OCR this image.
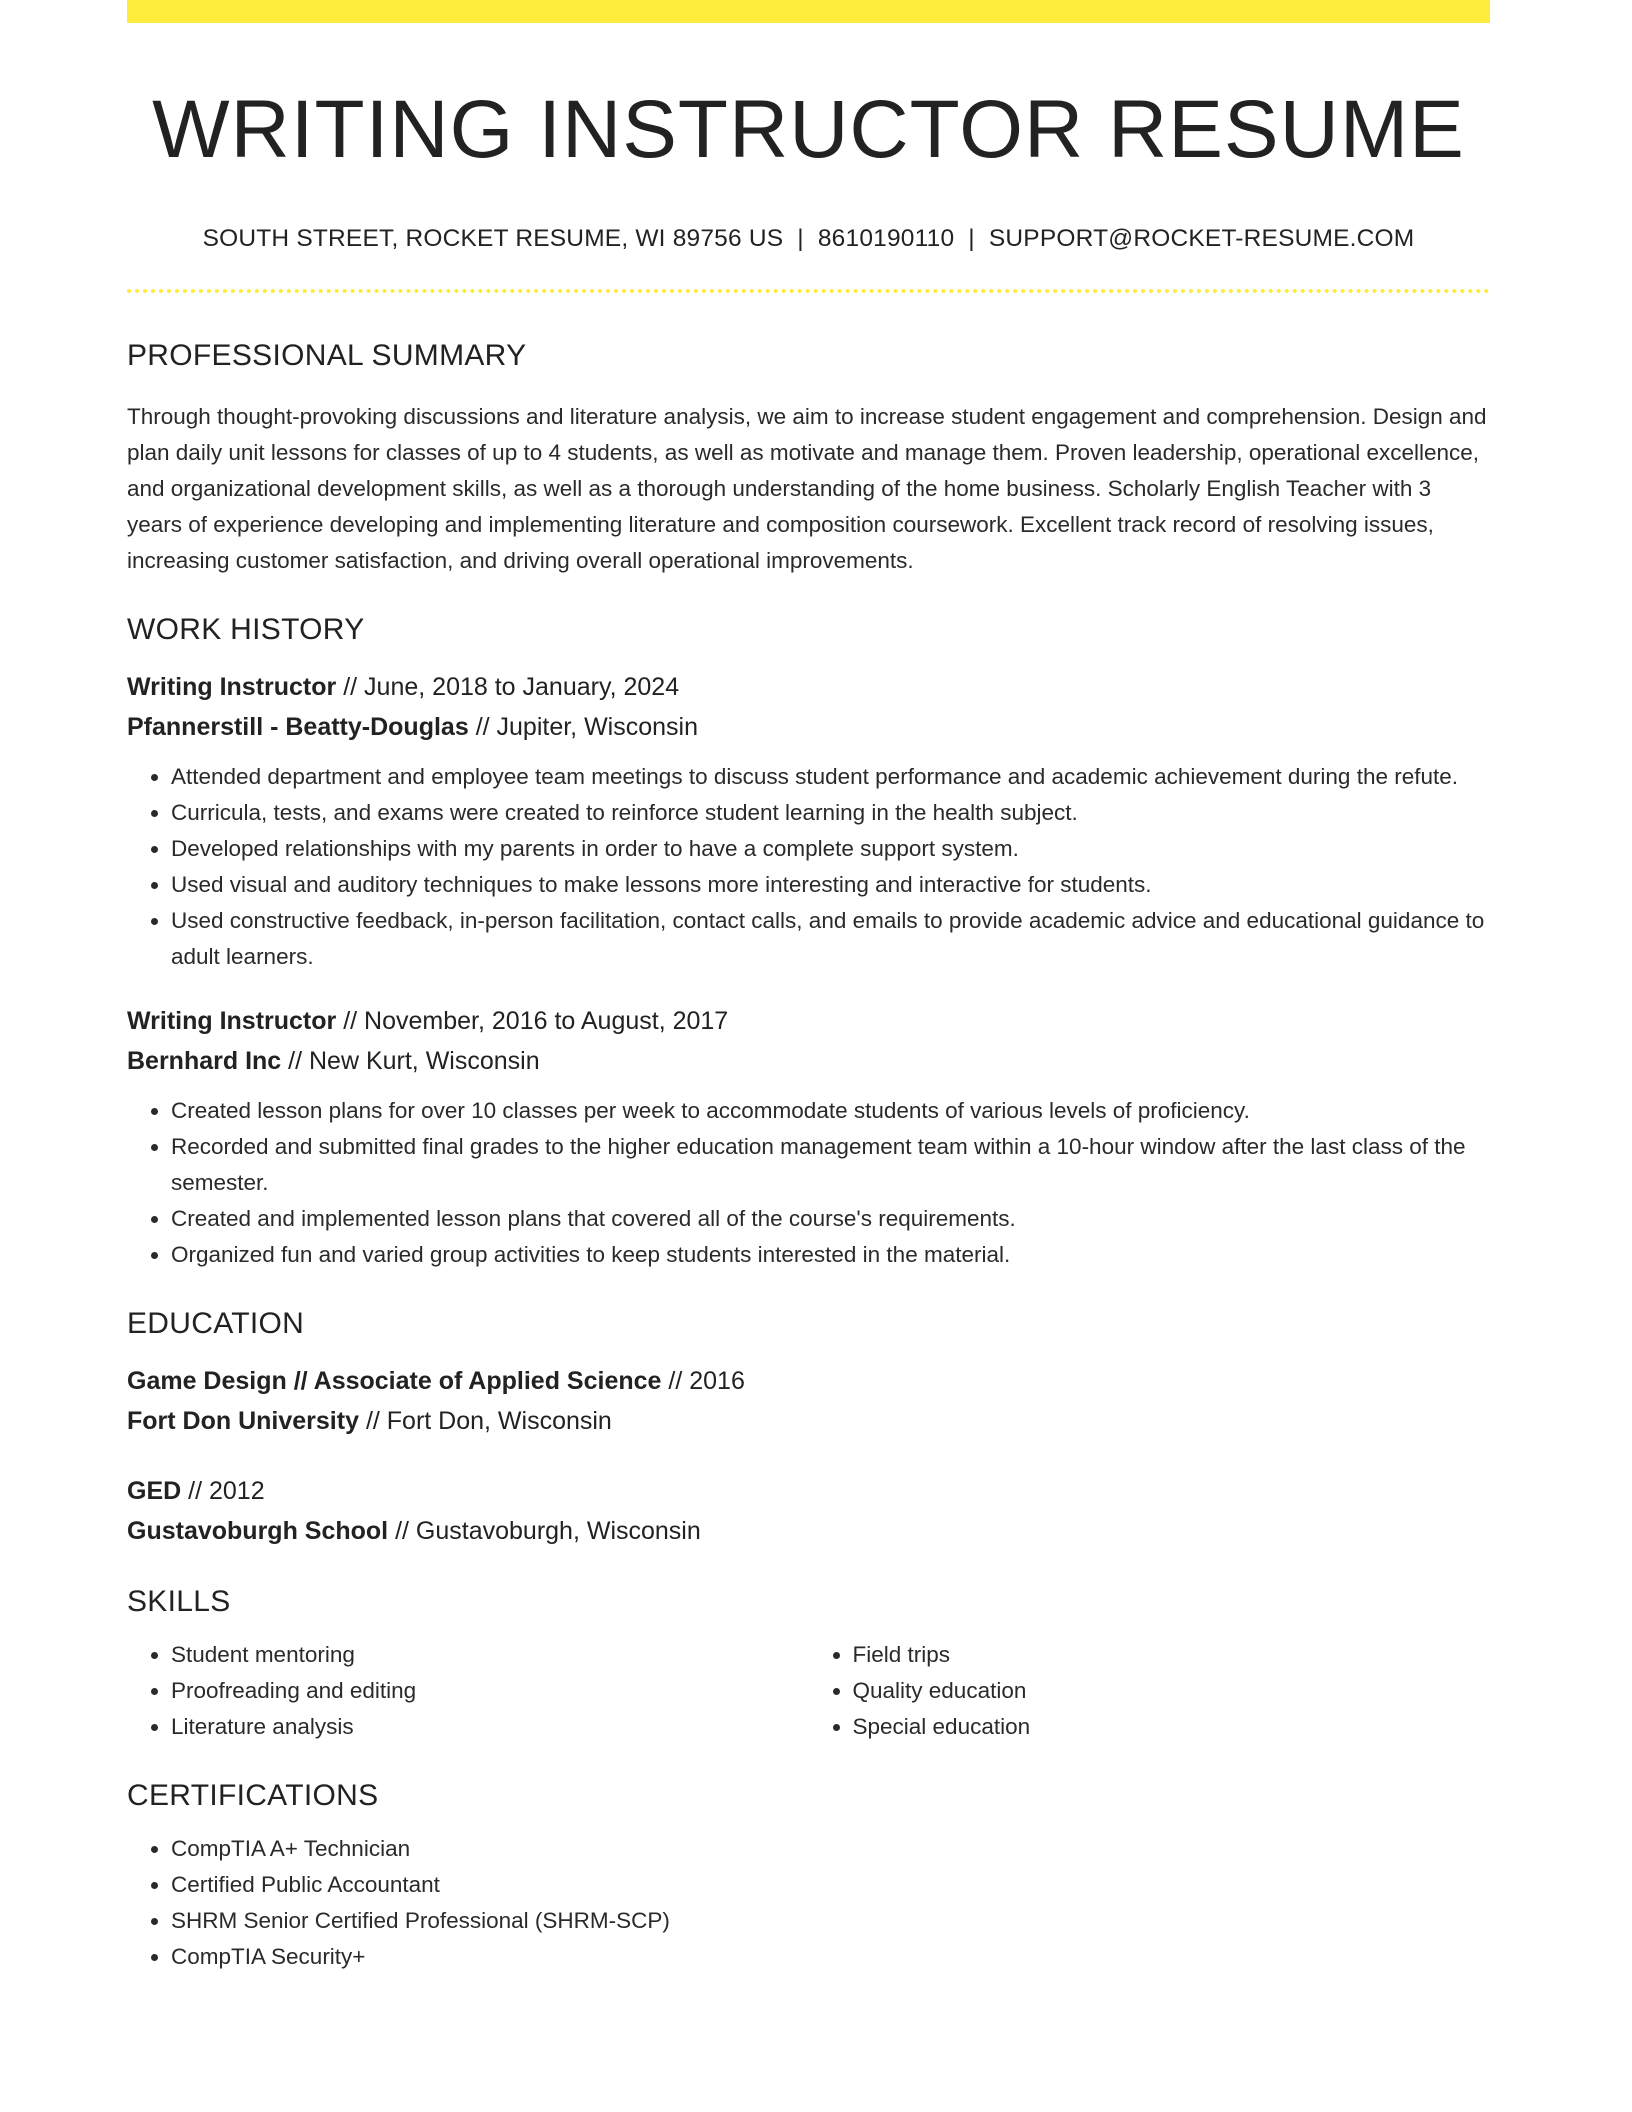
WRITING INSTRUCTOR RESUME
SOUTH STREET, ROCKET RESUME, WI 89756 US | 8610190110 | SUPPORT@ROCKET-RESUME.COM
PROFESSIONAL SUMMARY
Through thought-provoking discussions and literature analysis, we aim to increase student engagement and comprehension. Design and plan daily unit lessons for classes of up to 4 students, as well as motivate and manage them. Proven leadership, operational excellence, and organizational development skills, as well as a thorough understanding of the home business. Scholarly English Teacher with 3 years of experience developing and implementing literature and composition coursework. Excellent track record of resolving issues, increasing customer satisfaction, and driving overall operational improvements.
WORK HISTORY
Writing Instructor // June, 2018 to January, 2024
Pfannerstill - Beatty-Douglas // Jupiter, Wisconsin
• Attended department and employee team meetings to discuss student performance and academic achievement during the refute.
• Curricula, tests, and exams were created to reinforce student learning in the health subject.
• Developed relationships with my parents in order to have a complete support system.
• Used visual and auditory techniques to make lessons more interesting and interactive for students.
• Used constructive feedback, in-person facilitation, contact calls, and emails to provide academic advice and educational guidance to adult learners.
Writing Instructor // November, 2016 to August, 2017
Bernhard Inc // New Kurt, Wisconsin
• Created lesson plans for over 10 classes per week to accommodate students of various levels of proficiency.
• Recorded and submitted final grades to the higher education management team within a 10-hour window after the last class of the semester.
• Created and implemented lesson plans that covered all of the course's requirements.
• Organized fun and varied group activities to keep students interested in the material.
EDUCATION
Game Design // Associate of Applied Science // 2016
Fort Don University // Fort Don, Wisconsin
GED // 2012
Gustavoburgh School // Gustavoburgh, Wisconsin
SKILLS
• Student mentoring
• Proofreading and editing
• Literature analysis
• Field trips
• Quality education
• Special education
CERTIFICATIONS
• CompTIA A+ Technician
• Certified Public Accountant
• SHRM Senior Certified Professional (SHRM-SCP)
• CompTIA Security+
